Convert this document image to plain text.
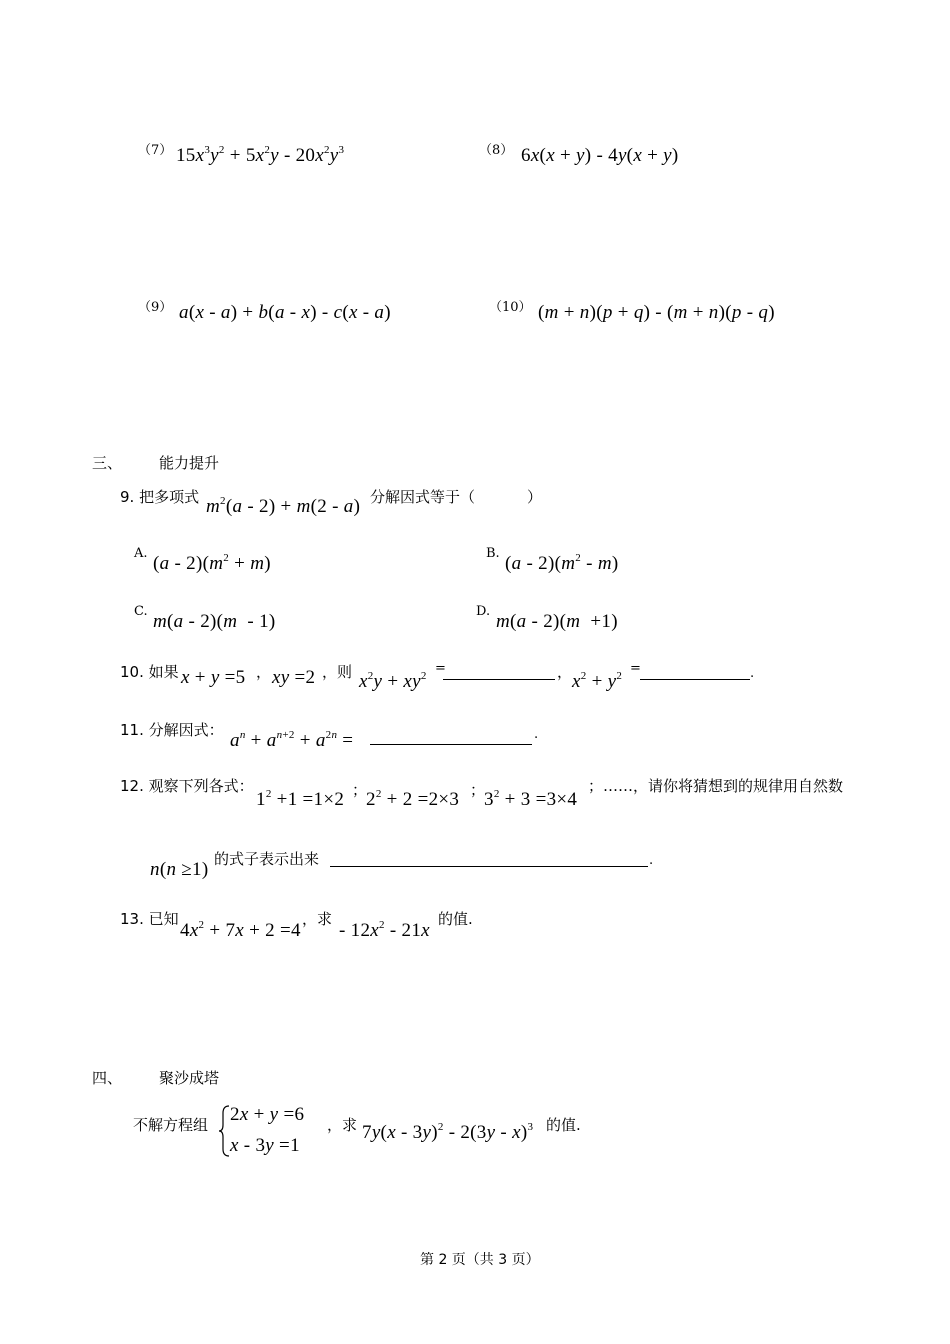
（7） $15x^3y^2 + 5x^2y - 20x^2y^3$	（8） 6x(x + y) - 4y(x + y)
（9） a(x - a) + b(a - x) - c(x - a)	（10） (m + n)(p + q) - (m + n)(p - q)
三、 能力提升
9. 把多项式 $m^2(a - 2) + m(2 - a)$ 分解因式等于（	）
A. $(a - 2)(m^2 + m)$	B. $(a - 2)(m^2 - m)$
C. m(a - 2)(m  - 1)	D. m(a - 2)(m  +1)
10. 如果 x + y =5 ， xy =2 ，则 $x^2y + xy^2$ =	， $x^2 + y^2$ =	.
11. 分解因式： $a^n + a^{n+2} + a^{2n}$ =	.
12. 观察下列各式：
$1^2 +1 =1\times 2$ ；
$2^2 + 2 =2\times 3$ ；
$3^2 + 3 =3\times 4$
；……，请你将猜想到的规律用自然数
n(n ≥1) 的式子表示出来	.
13. 已知
$4x^2 + 7x + 2 =4$
，求
- $12x^2 - 21x$
的值.
四、 聚沙成塔
不解方程组 2x + y =6
x - 3y =1
，求 7y(x - 3y)$^2$ - 2(3y - x)$^3$ 的值.
第 2 页（共 3 页）
